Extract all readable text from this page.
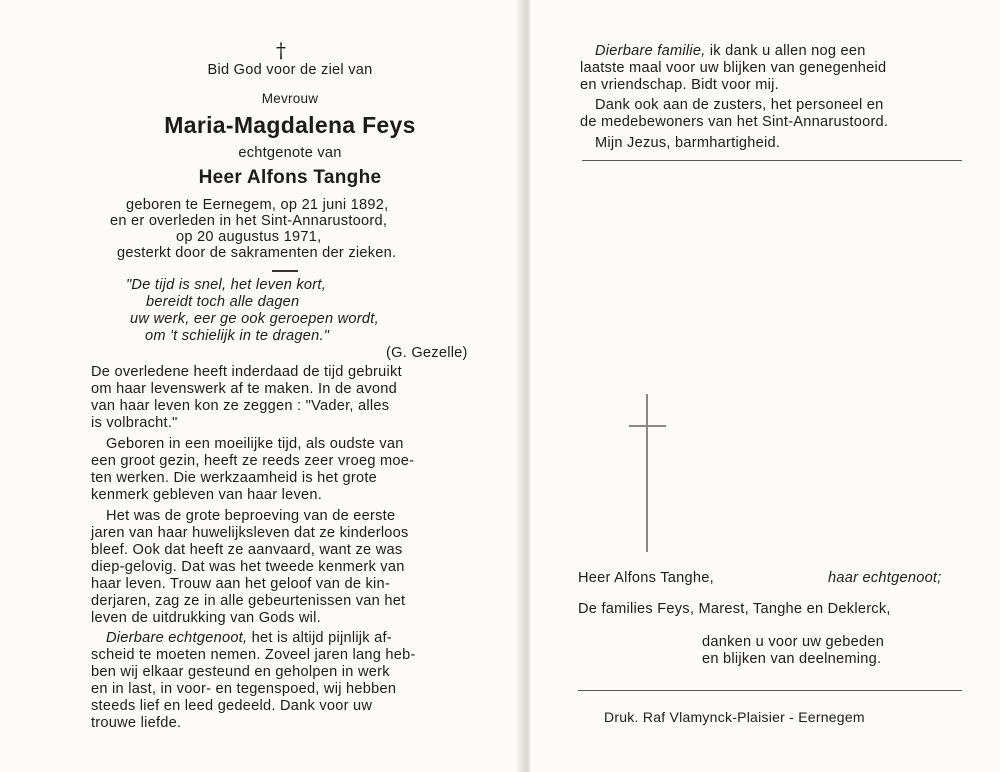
†
Bid God voor de ziel van
Mevrouw
Maria-Magdalena Feys
echtgenote van
Heer Alfons Tanghe
geboren te Eernegem, op 21 juni 1892,
en er overleden in het Sint-Annarustoord,
op 20 augustus 1971,
gesterkt door de sakramenten der zieken.
"De tijd is snel, het leven kort,
bereidt toch alle dagen
uw werk, eer ge ook geroepen wordt,
om 't schielijk in te dragen."
(G. Gezelle)
De overledene heeft inderdaad de tijd gebruikt
om haar levenswerk af te maken. In de avond
van haar leven kon ze zeggen : "Vader, alles
is volbracht."
Geboren in een moeilijke tijd, als oudste van
een groot gezin, heeft ze reeds zeer vroeg moe-
ten werken. Die werkzaamheid is het grote
kenmerk gebleven van haar leven.
Het was de grote beproeving van de eerste
jaren van haar huwelijksleven dat ze kinderloos
bleef. Ook dat heeft ze aanvaard, want ze was
diep-gelovig. Dat was het tweede kenmerk van
haar leven. Trouw aan het geloof van de kin-
derjaren, zag ze in alle gebeurtenissen van het
leven de uitdrukking van Gods wil.
Dierbare echtgenoot, het is altijd pijnlijk af-
scheid te moeten nemen. Zoveel jaren lang heb-
ben wij elkaar gesteund en geholpen in werk
en in last, in voor- en tegenspoed, wij hebben
steeds lief en leed gedeeld. Dank voor uw
trouwe liefde.
Dierbare familie, ik dank u allen nog een
laatste maal voor uw blijken van genegenheid
en vriendschap. Bidt voor mij.
Dank ook aan de zusters, het personeel en
de medebewoners van het Sint-Annarustoord.
Mijn Jezus, barmhartigheid.
Heer Alfons Tanghe,	haar echtgenoot;
De families Feys, Marest, Tanghe en Deklerck,
danken u voor uw gebeden
en blijken van deelneming.
Druk. Raf Vlamynck-Plaisier - Eernegem
